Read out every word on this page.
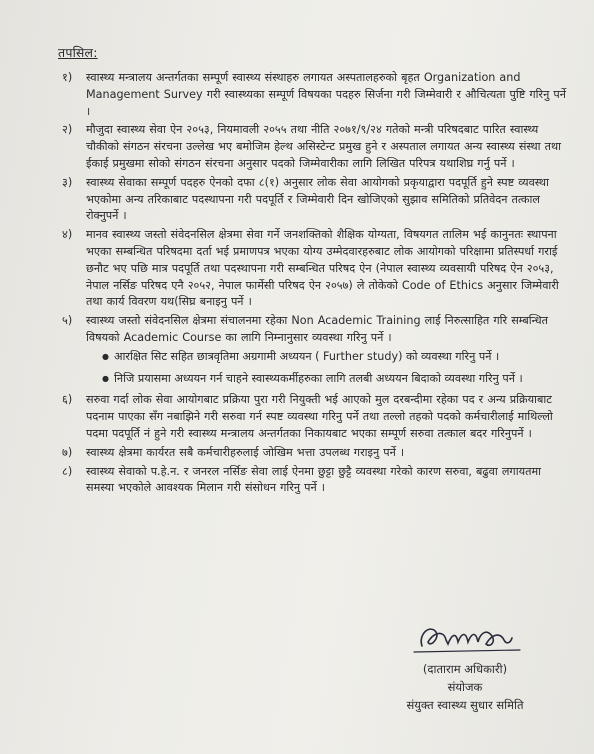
तपसिल:
१) स्वास्थ्य मन्त्रालय अन्तर्गतका सम्पूर्ण स्वास्थ्य संस्थाहरु लगायत अस्पतालहरुको बृहत Organization and Management Survey गरी स्वास्थ्यका सम्पूर्ण विषयका पदहरु सिर्जना गरी जिम्मेवारी र औचित्यता पुष्टि गरिनु पर्ने ।
२) मौजुदा स्वास्थ्य सेवा ऐन २०५३, नियमावली २०५५ तथा नीति २०७१/९/२४ गतेको मन्त्री परिषदबाट पारित स्वास्थ्य चौकीको संगठन संरचना उल्लेख भए बमोजिम हेल्थ असिस्टेन्ट प्रमुख हुने र अस्पताल लगायत अन्य स्वास्थ्य संस्था तथा ईकाई प्रमुखमा सोको संगठन संरचना अनुसार पदको जिम्मेवारीका लागि लिखित परिपत्र यथाशिघ्र गर्नु पर्ने ।
३) स्वास्थ्य सेवाका सम्पूर्ण पदहरु ऐनको दफा ८(१) अनुसार लोक सेवा आयोगको प्रकृयाद्वारा पदपूर्ति हुने स्पष्ट व्यवस्था भएकोमा अन्य तरिकाबाट पदस्थापना गरी पदपूर्ति र जिम्मेवारी दिन खोजिएको सुझाव समितिको प्रतिवेदन तत्काल रोक्नुपर्ने ।
४) मानव स्वास्थ्य जस्तो संवेदनसिल क्षेत्रमा सेवा गर्ने जनशक्तिको शैक्षिक योग्यता, विषयगत तालिम भई कानुनतः स्थापना भएका सम्बन्धित परिषदमा दर्ता भई प्रमाणपत्र भएका योग्य उम्मेदवारहरुबाट लोक आयोगको परिक्षामा प्रतिस्पर्धा गराई छनौट भए पछि मात्र पदपूर्ति तथा पदस्थापना गरी सम्बन्धित परिषद ऐन (नेपाल स्वास्थ्य व्यवसायी परिषद ऐन २०५३, नेपाल नर्सिङ परिषद एनै २०५२, नेपाल फार्मेसी परिषद ऐन २०५७) ले तोकेको Code of Ethics अनुसार जिम्मेवारी तथा कार्य विवरण यथ(सिघ्र बनाइनु पर्ने ।
५) स्वास्थ्य जस्तो संवेदनसिल क्षेत्रमा संचालनमा रहेका Non Academic Training लाई निरुत्साहित गरि सम्बन्धित विषयको Academic Course का लागि निम्नानुसार व्यवस्था गरिनु पर्ने ।
● आरक्षित सिट सहित छात्रवृतिमा अग्रगामी अध्ययन ( Further study) को व्यवस्था गरिनु पर्ने ।
● निजि प्रयासमा अध्ययन गर्न चाहने स्वास्थ्यकर्मीहरुका लागि तलबी अध्ययन बिदाको व्यवस्था गरिनु पर्ने ।
६) सरुवा गर्दा लोक सेवा आयोगबाट प्रक्रिया पुरा गरी नियुक्ती भई आएको मुल दरबन्दीमा रहेका पद र अन्य प्रक्रियाबाट पदनाम पाएका सँग नबाझिने गरी सरुवा गर्न स्पष्ट व्यवस्था गरिनु पर्ने तथा तल्लो तहको पदको कर्मचारीलाई माथिल्लो पदमा पदपूर्ति नं हुने गरी स्वास्थ्य मन्त्रालय अन्तर्गतका निकायबाट भएका सम्पूर्ण सरुवा तत्काल बदर गरिनुपर्ने ।
७) स्वास्थ्य क्षेत्रमा कार्यरत सबै कर्मचारीहरुलाई जोखिम भत्ता उपलब्ध गराइनु पर्ने ।
८) स्वास्थ्य सेवाको प.हे.न. र जनरल नर्सिङ सेवा लाई ऐनमा छुट्टा छुट्टै व्यवस्था गरेको कारण सरुवा, बढुवा लगायतमा समस्या भएकोले आवश्यक मिलान गरी संसोधन गरिनु पर्ने ।
(दाताराम अधिकारी)
संयोजक
संयुक्त स्वास्थ्य सुधार समिति
